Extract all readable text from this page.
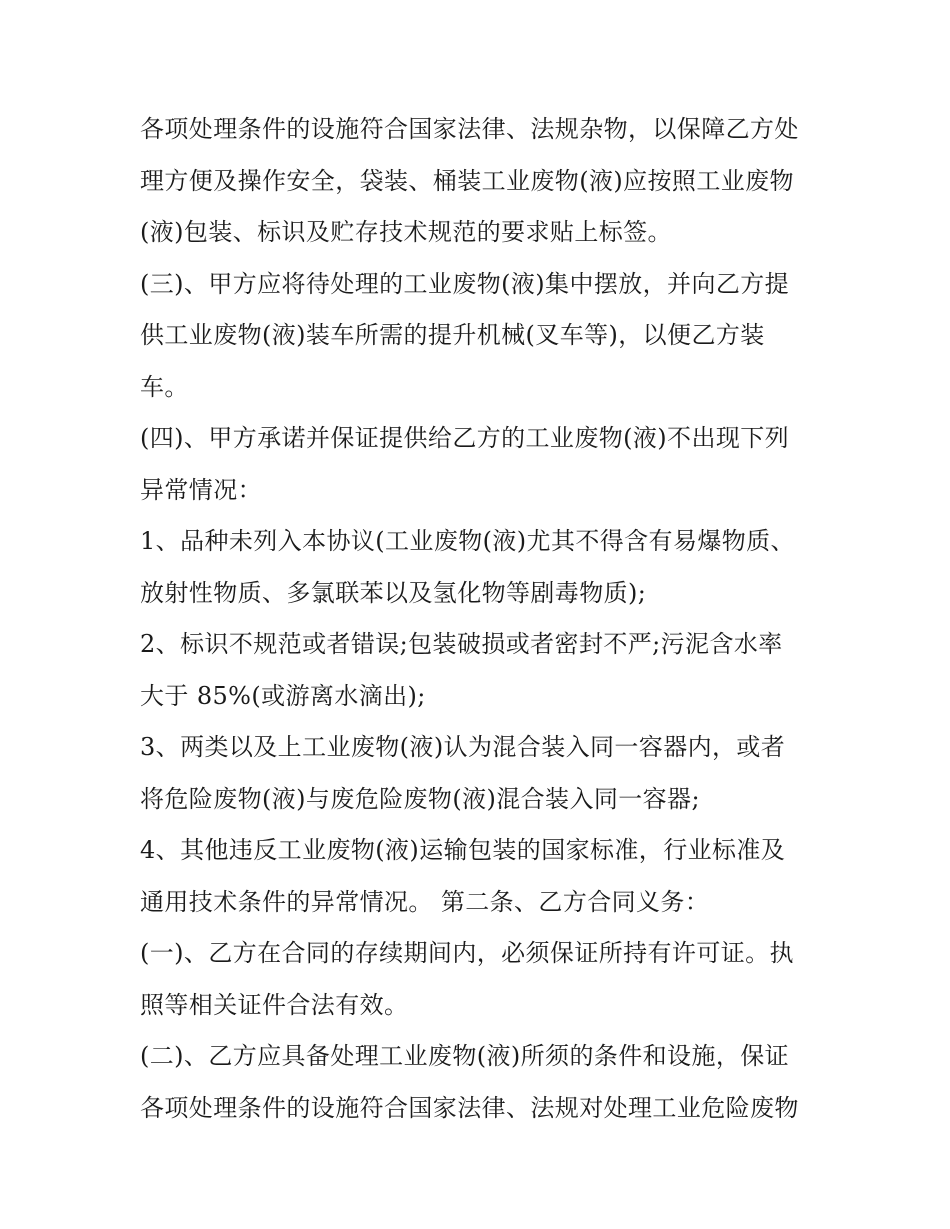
各项处理条件的设施符合国家法律、法规杂物，以保障乙方处
理方便及操作安全，袋装、桶装工业废物(液)应按照工业废物
(液)包装、标识及贮存技术规范的要求贴上标签。
(三)、甲方应将待处理的工业废物(液)集中摆放，并向乙方提
供工业废物(液)装车所需的提升机械(叉车等)，以便乙方装
车。
(四)、甲方承诺并保证提供给乙方的工业废物(液)不出现下列
异常情况：
1、品种未列入本协议(工业废物(液)尤其不得含有易爆物质、
放射性物质、多氯联苯以及氢化物等剧毒物质);
2、标识不规范或者错误;包装破损或者密封不严;污泥含水率
大于 85%(或游离水滴出);
3、两类以及上工业废物(液)认为混合装入同一容器内，或者
将危险废物(液)与废危险废物(液)混合装入同一容器;
4、其他违反工业废物(液)运输包装的国家标准，行业标准及
通用技术条件的异常情况。 第二条、乙方合同义务：
(一)、乙方在合同的存续期间内，必须保证所持有许可证。执
照等相关证件合法有效。
(二)、乙方应具备处理工业废物(液)所须的条件和设施，保证
各项处理条件的设施符合国家法律、法规对处理工业危险废物
